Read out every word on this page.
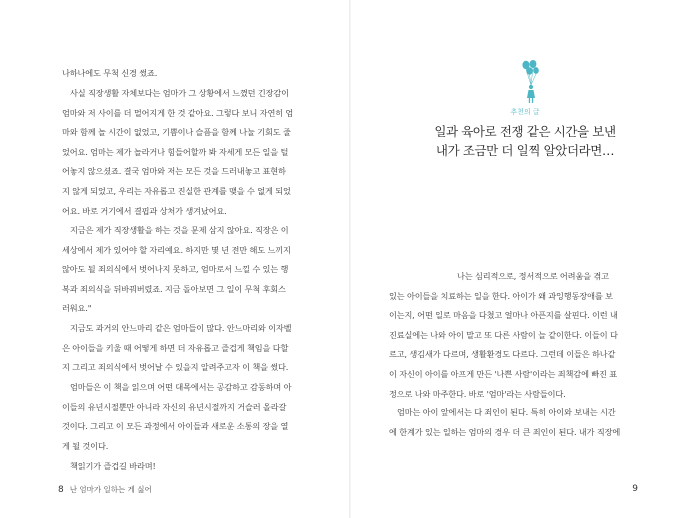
나하나에도 무척 신경 썼죠.
사실 직장생활 자체보다는 엄마가 그 상황에서 느꼈던 긴장감이
엄마와 저 사이를 더 멀어지게 한 것 같아요. 그렇다 보니 자연히 엄
마와 함께 놀 시간이 없었고, 기쁨이나 슬픔을 함께 나눌 기회도 줄
었어요. 엄마는 제가 놀라거나 힘들어할까 봐 자세게 모든 일을 털
어놓지 않으셨죠. 결국 엄마와 저는 모든 것을 드러내놓고 표현하
지 않게 되었고, 우리는 자유롭고 진실한 관계를 맺을 수 없게 되었
어요. 바로 거기에서 결핍과 상처가 생겨났어요.
지금은 제가 직장생활을 하는 것을 문제 삼지 않아요. 직장은 이
세상에서 제가 있어야 할 자리예요. 하지만 몇 년 전만 해도 느끼지
않아도 될 죄의식에서 벗어나지 못하고, 엄마로서 느낄 수 있는 행
복과 죄의식을 뒤바꿔버렸죠. 지금 돌아보면 그 일이 무척 후회스
러워요."
지금도 과거의 안느마리 같은 엄마들이 많다. 안느마리와 이자벨
은 아이들을 키울 때 어떻게 하면 더 자유롭고 즐겁게 책임을 다할
지 그리고 죄의식에서 벗어날 수 있을지 알려주고자 이 책을 썼다.
엄마들은 이 책을 읽으며 어떤 대목에서는 공감하고 감동하며 아
이들의 유년시절뿐만 아니라 자신의 유년시절까지 거슬러 올라갈
것이다. 그리고 이 모든 과정에서 아이들과 새로운 소통의 장을 열
게 될 것이다.
책읽기가 즐겁길 바라며!
8 난 엄마가 일하는 게 싫어
추천의 글
일과 육아로 전쟁 같은 시간을 보낸
내가 조금만 더 일찍 알았더라면…
나는 심리적으로, 정서적으로 어려움을 겪고
있는 아이들을 치료하는 일을 한다. 아이가 왜 과잉행동장애를 보
이는지, 어떤 일로 마음을 다쳤고 얼마나 아픈지를 살핀다. 이런 내
진료실에는 나와 아이 말고 또 다른 사람이 늘 같이한다. 이들이 다
르고, 생김새가 다르며, 생활환경도 다르다. 그런데 이들은 하나같
이 자신이 아이를 아프게 만든 '나쁜 사람'이라는 죄책감에 빠진 표
정으로 나와 마주한다. 바로 '엄마'라는 사람들이다.
엄마는 아이 앞에서는 다 죄인이 된다. 특히 아이와 보내는 시간
에 한계가 있는 일하는 엄마의 경우 더 큰 죄인이 된다. 내가 직장에
9
